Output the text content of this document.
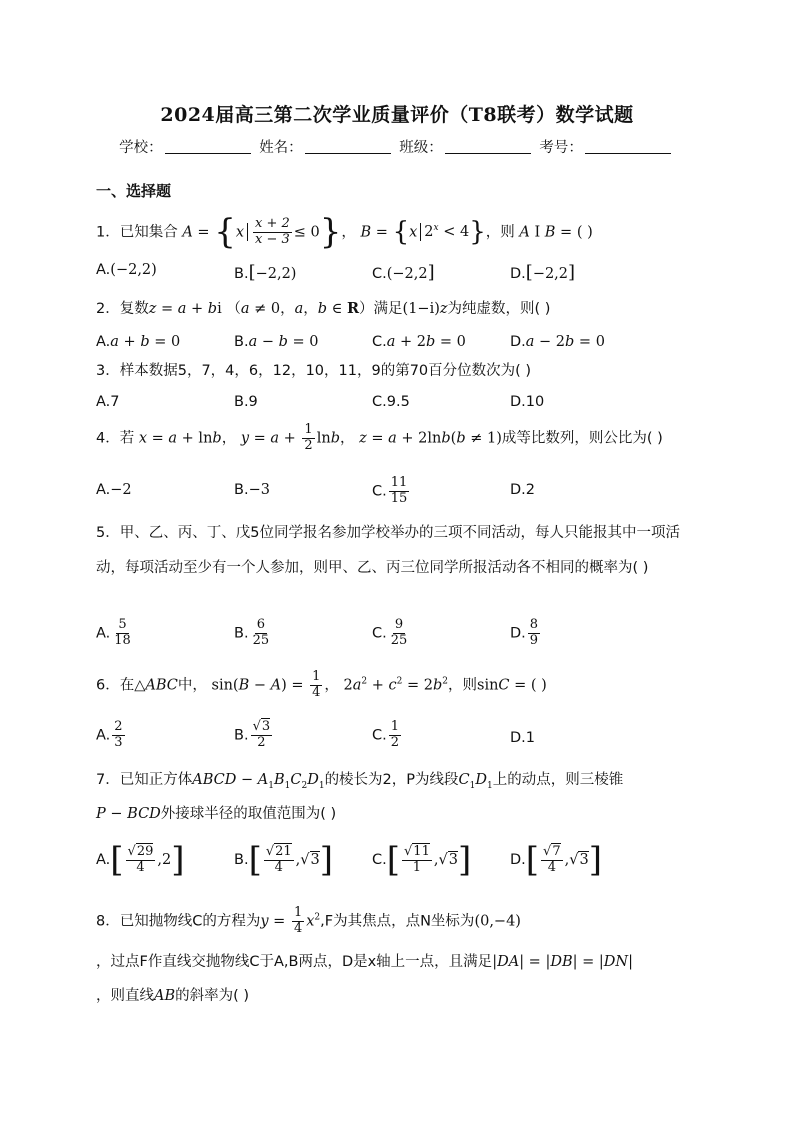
2024届高三第二次学业质量评价（T8联考）数学试题
学校：	姓名：	班级：	考号：
一、选择题
1．已知集合 $A = \{x \frac{x + 2}{x - 3} \le 0\}$， B = {x $2^x < 4$}，则 A I B = ( )
A.(−2,2)	B.[−2,2)	C.(−2,2]	D.[−2,2]
2．复数z = a + bi （a ≠ 0，a，b ∈ R）满足(1−i)z为纯虚数，则( )
A.a + b = 0	B.a − b = 0	C.a + 2b = 0	D.a − 2b = 0
3．样本数据5，7，4，6，12，10，11，9的第70百分位数次为( )
A.7	B.9	C.9.5	D.10
4．若 x = a + lnb， $y = a + \frac{1}{2}$ lnb， z = a + 2lnb(b ≠ 1)成等比数列，则公比为( )
A.−2	B.−3	C. $\frac{11}{15}$	D.2
5．甲、乙、丙、丁、戊5位同学报名参加学校举办的三项不同活动，每人只能报其中一项活动，每项活动至少有一个人参加，则甲、乙、丙三位同学所报活动各不相同的概率为( )
A. $\frac{5}{18}$	B. $\frac{6}{25}$	C. $\frac{9}{25}$	D. $\frac{8}{9}$
6．在△ABC中， $\sin(B - A) = \frac{1}{4}$ ， $2a^2 + c^2 = 2b^2$，则sinC = ( )
A. $\frac{2}{3}$	B. $\frac{√3}{2}$	C. $\frac{1}{2}$	D.1
7．已知正方体ABCD − $A_1B_1C_2D_1$的棱长为2，P为线段$C_1D_1$上的动点，则三棱锥
P − BCD外接球半径的取值范围为( )
$A.[ \frac{√29}{4} ,2]$	$B.[ \frac{√21}{4} ,√3]$	$C.[ \frac{√11}{1} ,√3]$	$D.[ \frac{√7}{4} ,√3]$
8．已知抛物线C的方程为$y = \frac{1}{4} x^2,F$为其焦点，点N坐标为(0,−4)
，过点F作直线交抛物线C于A,B两点，D是x轴上一点，且满足|DA| = |DB| = |DN|
，则直线AB的斜率为( )
